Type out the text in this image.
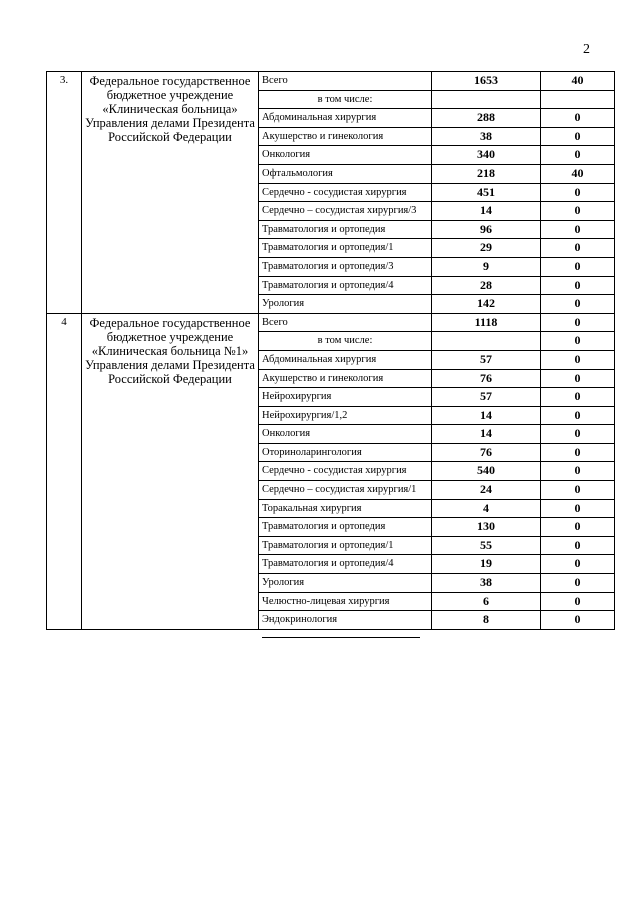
2
3.	Федеральное государственное бюджетное учреждение «Клиническая больница» Управления делами Президента Российской Федерации	Всего	1653	40
		в том числе:		
		Абдоминальная хирургия	288	0
		Акушерство и гинекология	38	0
		Онкология	340	0
		Офтальмология	218	40
		Сердечно - сосудистая хирургия	451	0
		Сердечно – сосудистая хирургия/3	14	0
		Травматология и ортопедия	96	0
		Травматология и ортопедия/1	29	0
		Травматология и ортопедия/3	9	0
		Травматология и ортопедия/4	28	0
		Урология	142	0
4	Федеральное государственное бюджетное учреждение «Клиническая больница №1» Управления делами Президента Российской Федерации	Всего	1118	0
		в том числе:		0
		Абдоминальная хирургия	57	0
		Акушерство и гинекология	76	0
		Нейрохирургия	57	0
		Нейрохирургия/1,2	14	0
		Онкология	14	0
		Оториноларингология	76	0
		Сердечно - сосудистая хирургия	540	0
		Сердечно – сосудистая хирургия/1	24	0
		Торакальная хирургия	4	0
		Травматология и ортопедия	130	0
		Травматология и ортопедия/1	55	0
		Травматология и ортопедия/4	19	0
		Урология	38	0
		Челюстно-лицевая хирургия	6	0
		Эндокринология	8	0
